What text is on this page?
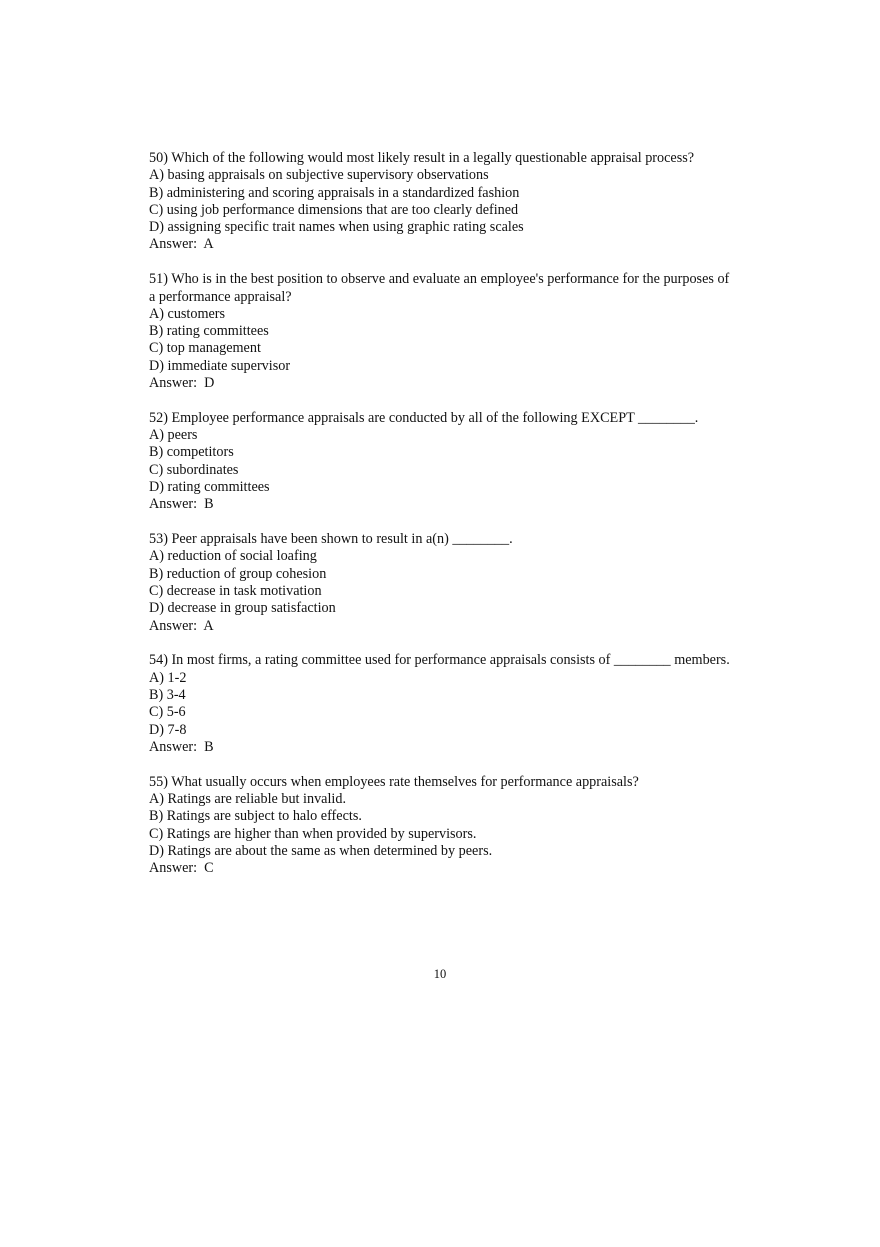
50) Which of the following would most likely result in a legally questionable appraisal process?
A) basing appraisals on subjective supervisory observations
B) administering and scoring appraisals in a standardized fashion
C) using job performance dimensions that are too clearly defined
D) assigning specific trait names when using graphic rating scales
Answer:  A
51) Who is in the best position to observe and evaluate an employee's performance for the purposes of a performance appraisal?
A) customers
B) rating committees
C) top management
D) immediate supervisor
Answer:  D
52) Employee performance appraisals are conducted by all of the following EXCEPT ________.
A) peers
B) competitors
C) subordinates
D) rating committees
Answer:  B
53) Peer appraisals have been shown to result in a(n) ________.
A) reduction of social loafing
B) reduction of group cohesion
C) decrease in task motivation
D) decrease in group satisfaction
Answer:  A
54) In most firms, a rating committee used for performance appraisals consists of ________ members.
A) 1-2
B) 3-4
C) 5-6
D) 7-8
Answer:  B
55) What usually occurs when employees rate themselves for performance appraisals?
A) Ratings are reliable but invalid.
B) Ratings are subject to halo effects.
C) Ratings are higher than when provided by supervisors.
D) Ratings are about the same as when determined by peers.
Answer:  C
10
